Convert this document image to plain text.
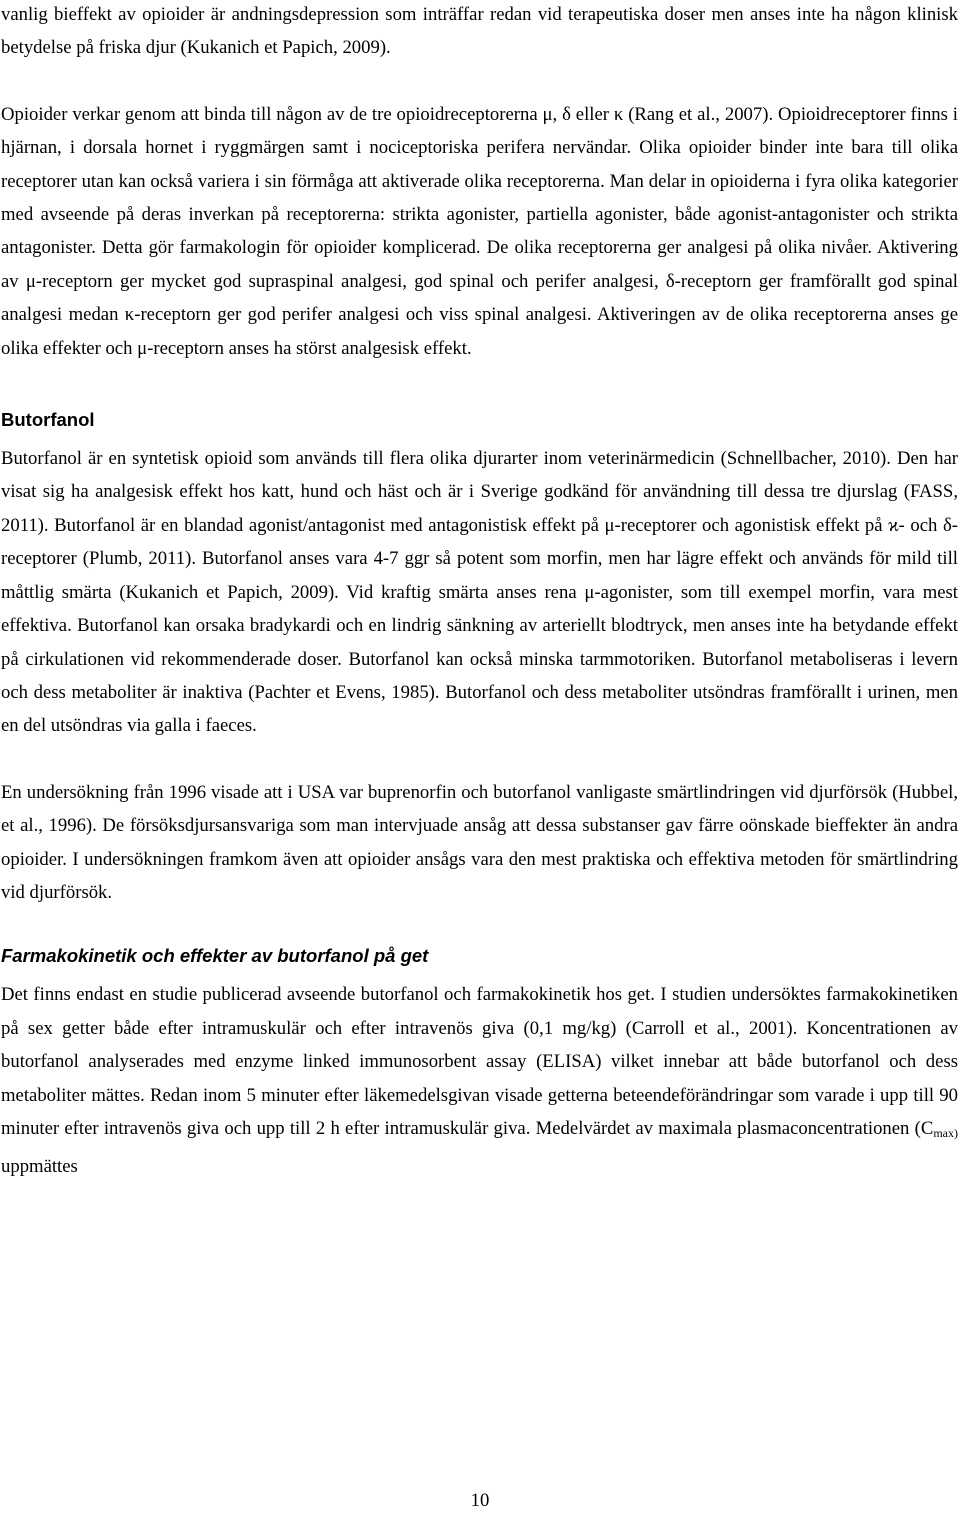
vanlig bieffekt av opioider är andningsdepression som inträffar redan vid terapeutiska doser men anses inte ha någon klinisk betydelse på friska djur (Kukanich et Papich, 2009).

Opioider verkar genom att binda till någon av de tre opioidreceptorerna μ, δ eller κ (Rang et al., 2007). Opioidreceptorer finns i hjärnan, i dorsala hornet i ryggmärgen samt i nociceptoriska perifera nervändar. Olika opioider binder inte bara till olika receptorer utan kan också variera i sin förmåga att aktiverade olika receptorerna. Man delar in opioiderna i fyra olika kategorier med avseende på deras inverkan på receptorerna: strikta agonister, partiella agonister, både agonist-antagonister och strikta antagonister. Detta gör farmakologin för opioider komplicerad. De olika receptorerna ger analgesi på olika nivåer. Aktivering av μ-receptorn ger mycket god supraspinal analgesi, god spinal och perifer analgesi, δ-receptorn ger framförallt god spinal analgesi medan κ-receptorn ger god perifer analgesi och viss spinal analgesi. Aktiveringen av de olika receptorerna anses ge olika effekter och μ-receptorn anses ha störst analgesisk effekt.

Butorfanol

Butorfanol är en syntetisk opioid som används till flera olika djurarter inom veterinärmedicin (Schnellbacher, 2010). Den har visat sig ha analgesisk effekt hos katt, hund och häst och är i Sverige godkänd för användning till dessa tre djurslag (FASS, 2011). Butorfanol är en blandad agonist/antagonist med antagonistisk effekt på μ-receptorer och agonistisk effekt på ϰ- och δ-receptorer (Plumb, 2011). Butorfanol anses vara 4-7 ggr så potent som morfin, men har lägre effekt och används för mild till måttlig smärta (Kukanich et Papich, 2009). Vid kraftig smärta anses rena μ-agonister, som till exempel morfin, vara mest effektiva. Butorfanol kan orsaka bradykardi och en lindrig sänkning av arteriellt blodtryck, men anses inte ha betydande effekt på cirkulationen vid rekommenderade doser. Butorfanol kan också minska tarmmotoriken. Butorfanol metaboliseras i levern och dess metaboliter är inaktiva (Pachter et Evens, 1985). Butorfanol och dess metaboliter utsöndras framförallt i urinen, men en del utsöndras via galla i faeces.

En undersökning från 1996 visade att i USA var buprenorfin och butorfanol vanligaste smärtlindringen vid djurförsök (Hubbel, et al., 1996). De försöksdjursansvariga som man intervjuade ansåg att dessa substanser gav färre oönskade bieffekter än andra opioider. I undersökningen framkom även att opioider ansågs vara den mest praktiska och effektiva metoden för smärtlindring vid djurförsök.

Farmakokinetik och effekter av butorfanol på get

Det finns endast en studie publicerad avseende butorfanol och farmakokinetik hos get. I studien undersöktes farmakokinetiken på sex getter både efter intramuskulär och efter intravenös giva (0,1 mg/kg) (Carroll et al., 2001). Koncentrationen av butorfanol analyserades med enzyme linked immunosorbent assay (ELISA) vilket innebar att både butorfanol och dess metaboliter mättes. Redan inom 5 minuter efter läkemedelsgivan visade getterna beteendeförändringar som varade i upp till 90 minuter efter intravenös giva och upp till 2 h efter intramuskulär giva. Medelvärdet av maximala plasmaconcentrationen ($C_{max)}$ uppmättes

10
